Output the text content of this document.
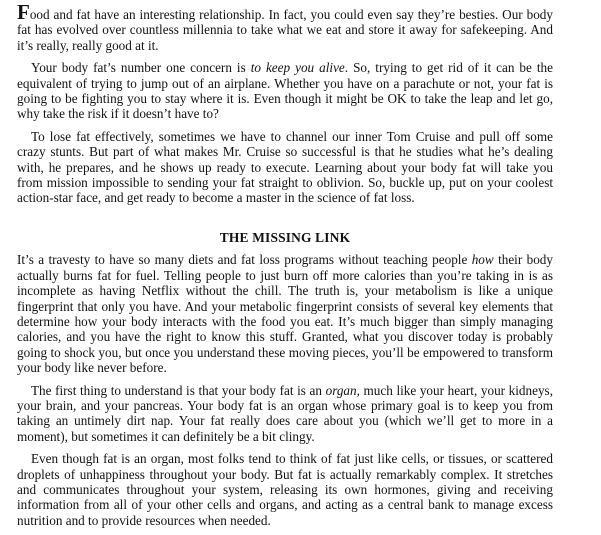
Food and fat have an interesting relationship. In fact, you could even say they’re besties. Our body fat has evolved over countless millennia to take what we eat and store it away for safekeeping. And it’s really, really good at it.

Your body fat’s number one concern is to keep you alive. So, trying to get rid of it can be the equivalent of trying to jump out of an airplane. Whether you have on a parachute or not, your fat is going to be fighting you to stay where it is. Even though it might be OK to take the leap and let go, why take the risk if it doesn’t have to?

To lose fat effectively, sometimes we have to channel our inner Tom Cruise and pull off some crazy stunts. But part of what makes Mr. Cruise so successful is that he studies what he’s dealing with, he prepares, and he shows up ready to execute. Learning about your body fat will take you from mission impossible to sending your fat straight to oblivion. So, buckle up, put on your coolest action-star face, and get ready to become a master in the science of fat loss.

THE MISSING LINK

It’s a travesty to have so many diets and fat loss programs without teaching people how their body actually burns fat for fuel. Telling people to just burn off more calories than you’re taking in is as incomplete as having Netflix without the chill. The truth is, your metabolism is like a unique fingerprint that only you have. And your metabolic fingerprint consists of several key elements that determine how your body interacts with the food you eat. It’s much bigger than simply managing calories, and you have the right to know this stuff. Granted, what you discover today is probably going to shock you, but once you understand these moving pieces, you’ll be empowered to transform your body like never before.

The first thing to understand is that your body fat is an organ, much like your heart, your kidneys, your brain, and your pancreas. Your body fat is an organ whose primary goal is to keep you from taking an untimely dirt nap. Your fat really does care about you (which we’ll get to more in a moment), but sometimes it can definitely be a bit clingy.

Even though fat is an organ, most folks tend to think of fat just like cells, or tissues, or scattered droplets of unhappiness throughout your body. But fat is actually remarkably complex. It stretches and communicates throughout your system, releasing its own hormones, giving and receiving information from all of your other cells and organs, and acting as a central bank to manage excess nutrition and to provide resources when needed.
